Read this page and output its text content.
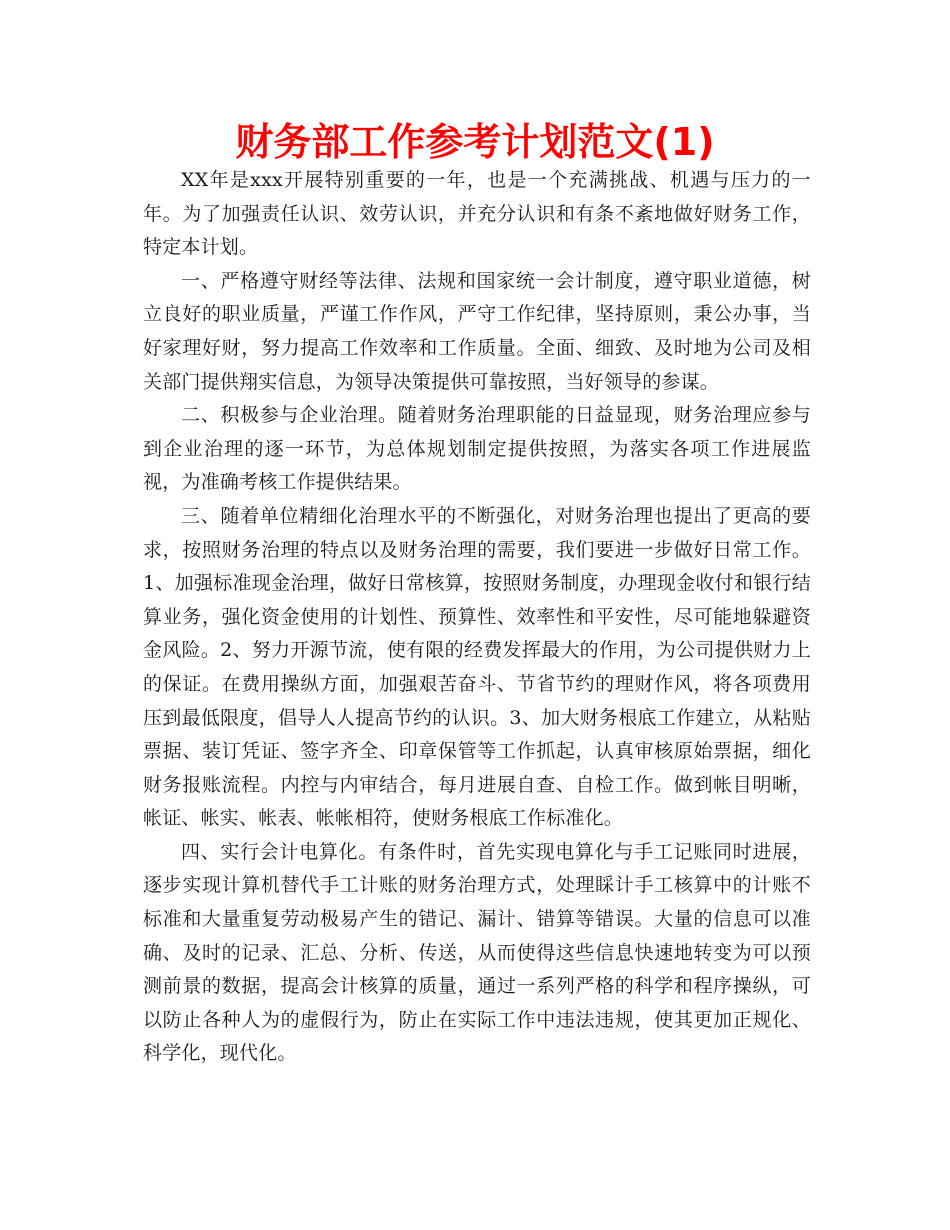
财务部工作参考计划范文(1)

XX年是xxx开展特别重要的一年，也是一个充满挑战、机遇与压力的一年。为了加强责任认识、效劳认识，并充分认识和有条不紊地做好财务工作，特定本计划。

一、严格遵守财经等法律、法规和国家统一会计制度，遵守职业道德，树立良好的职业质量，严谨工作作风，严守工作纪律，坚持原则，秉公办事，当好家理好财，努力提高工作效率和工作质量。全面、细致、及时地为公司及相关部门提供翔实信息，为领导决策提供可靠按照，当好领导的参谋。

二、积极参与企业治理。随着财务治理职能的日益显现，财务治理应参与到企业治理的逐一环节，为总体规划制定提供按照，为落实各项工作进展监视，为准确考核工作提供结果。

三、随着单位精细化治理水平的不断强化，对财务治理也提出了更高的要求，按照财务治理的特点以及财务治理的需要，我们要进一步做好日常工作。1、加强标准现金治理，做好日常核算，按照财务制度，办理现金收付和银行结算业务，强化资金使用的计划性、预算性、效率性和平安性，尽可能地躲避资金风险。2、努力开源节流，使有限的经费发挥最大的作用，为公司提供财力上的保证。在费用操纵方面，加强艰苦奋斗、节省节约的理财作风，将各项费用压到最低限度，倡导人人提高节约的认识。3、加大财务根底工作建立，从粘贴票据、装订凭证、签字齐全、印章保管等工作抓起，认真审核原始票据，细化财务报账流程。内控与内审结合，每月进展自查、自检工作。做到帐目明晰，帐证、帐实、帐表、帐帐相符，使财务根底工作标准化。

四、实行会计电算化。有条件时，首先实现电算化与手工记账同时进展，逐步实现计算机替代手工计账的财务治理方式，处理睬计手工核算中的计账不标准和大量重复劳动极易产生的错记、漏计、错算等错误。大量的信息可以准确、及时的记录、汇总、分析、传送，从而使得这些信息快速地转变为可以预测前景的数据，提高会计核算的质量，通过一系列严格的科学和程序操纵，可以防止各种人为的虚假行为，防止在实际工作中违法违规，使其更加正规化、科学化，现代化。
